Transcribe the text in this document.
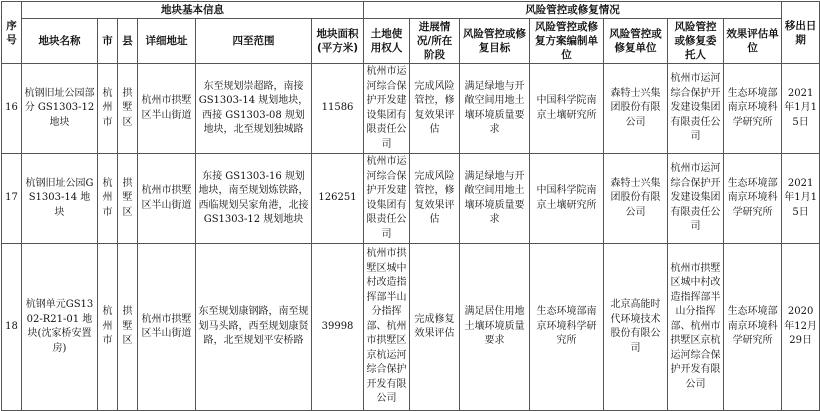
序号	地块基本信息						风险管控或修复情况							移出日期
	地块名称	市	县	详细地址	四至范围	地块面积(平方米)	土地使用权人	进展情况/所在阶段	风险管控或修复目标	风险管控或修复方案编制单位	风险管控或修复单位	风险管控或修复委托人	效果评估单位	
16	杭钢旧址公园部分 GS1303-12 地块	杭州市	拱墅区	杭州市拱墅区半山街道	东至规划崇超路，南接 GS1303-14 规划地块，西接 GS1303-08 规划地块，北至规划独城路	11586	杭州市运河综合保护开发建设集团有限责任公司	完成风险管控，修复效果评估	满足绿地与开敞空间用地土壤环境质量要求	中国科学院南京土壤研究所	森特士兴集团股份有限公司	杭州市运河综合保护开发建设集团有限责任公司	生态环境部南京环境科学研究所	2021年1月15日
17	杭钢旧址公园GS1303-14 地块	杭州市	拱墅区	杭州市拱墅区半山街道	东接 GS1303-16 规划地块，南至规划炼铁路，西临规划吴家角港，北接 GS1303-12 规划地块	126251	杭州市运河综合保护开发建设集团有限责任公司	完成风险管控，修复效果评估	满足绿地与开敞空间用地土壤环境质量要求	中国科学院南京土壤研究所	森特士兴集团股份有限公司	杭州市运河综合保护开发建设集团有限责任公司	生态环境部南京环境科学研究所	2021年1月15日
18	杭钢单元GS1302-R21-01 地块(沈家桥安置房)	杭州市	拱墅区	杭州市拱墅区半山街道	东至规划康钢路，南至规划马头路，西至规划康贤路，北至规划平安桥路	39998	杭州市拱墅区城中村改造指挥部半山分指挥部、杭州市拱墅区京杭运河综合保护开发有限公司	完成修复效果评估	满足居住用地土壤环境质量要求	生态环境部南京环境科学研究所	北京高能时代环境技术股份有限公司	杭州市拱墅区城中村改造指挥部半山分指挥部、杭州市拱墅区京杭运河综合保护开发有限公司	生态环境部南京环境科学研究所	2020年12月29日
